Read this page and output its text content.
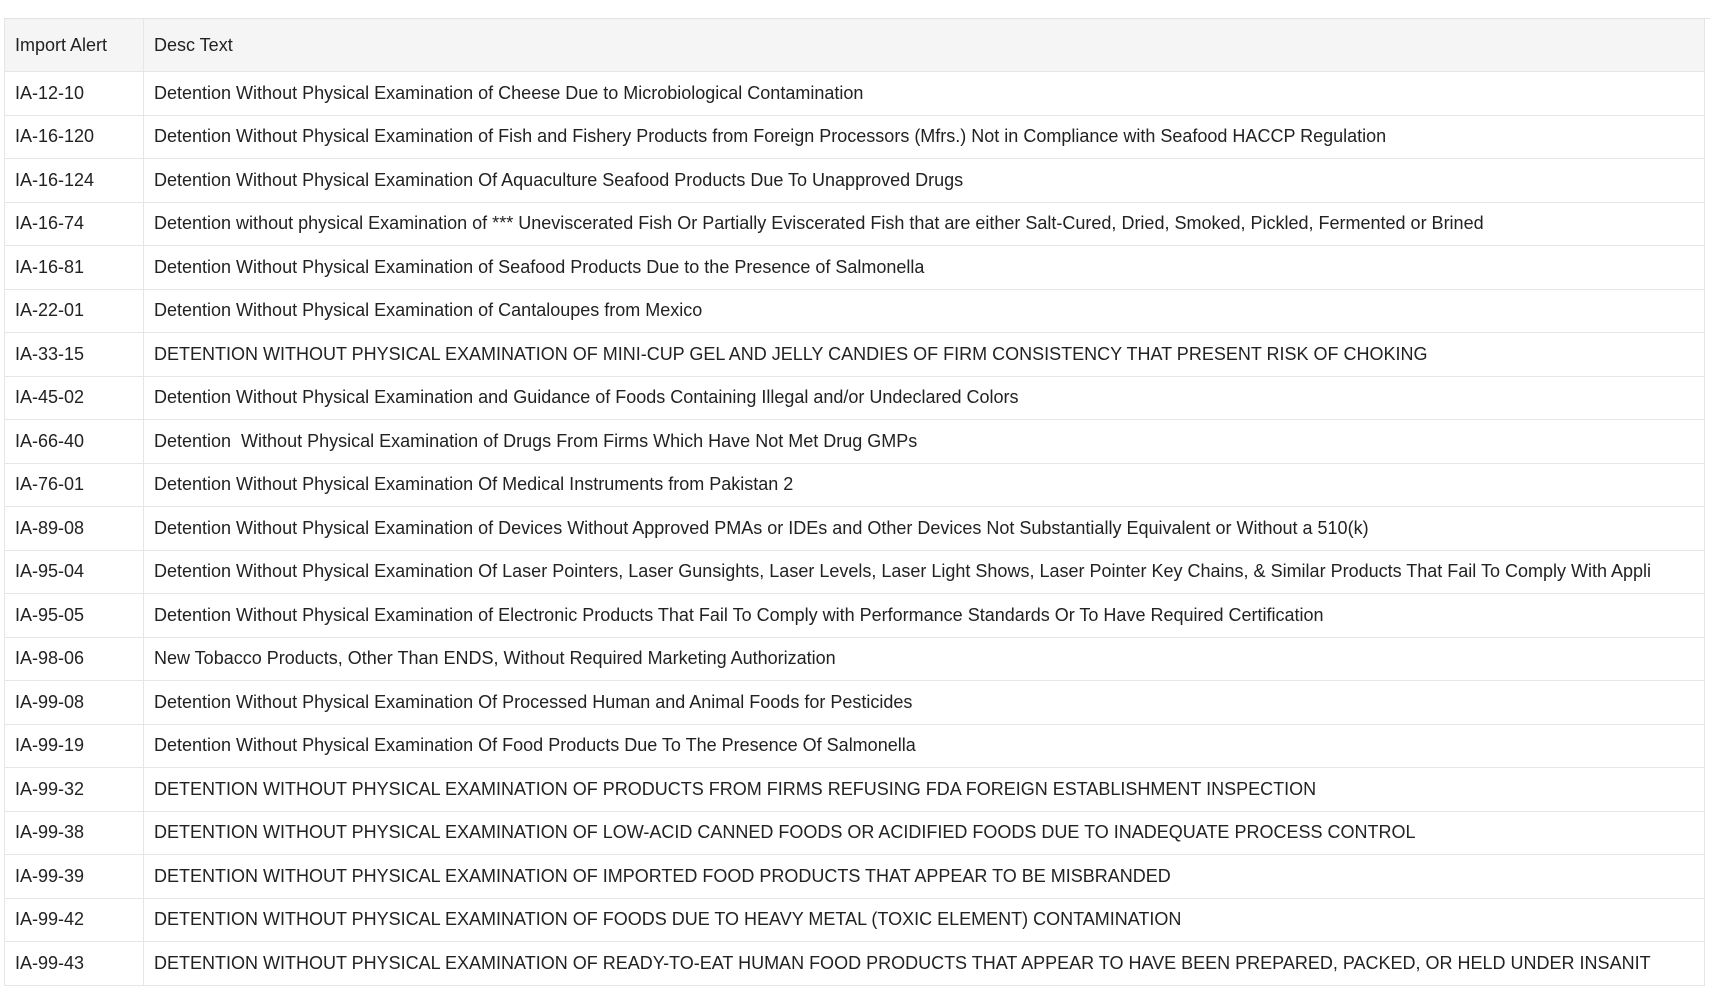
Import Alert	Desc Text
IA-12-10	Detention Without Physical Examination of Cheese Due to Microbiological Contamination
IA-16-120	Detention Without Physical Examination of Fish and Fishery Products from Foreign Processors (Mfrs.) Not in Compliance with Seafood HACCP Regulation
IA-16-124	Detention Without Physical Examination Of Aquaculture Seafood Products Due To Unapproved Drugs
IA-16-74	Detention without physical Examination of *** Uneviscerated Fish Or Partially Eviscerated Fish that are either Salt-Cured, Dried, Smoked, Pickled, Fermented or Brined
IA-16-81	Detention Without Physical Examination of Seafood Products Due to the Presence of Salmonella
IA-22-01	Detention Without Physical Examination of Cantaloupes from Mexico
IA-33-15	DETENTION WITHOUT PHYSICAL EXAMINATION OF MINI-CUP GEL AND JELLY CANDIES OF FIRM CONSISTENCY THAT PRESENT RISK OF CHOKING
IA-45-02	Detention Without Physical Examination and Guidance of Foods Containing Illegal and/or Undeclared Colors
IA-66-40	Detention  Without Physical Examination of Drugs From Firms Which Have Not Met Drug GMPs
IA-76-01	Detention Without Physical Examination Of Medical Instruments from Pakistan 2
IA-89-08	Detention Without Physical Examination of Devices Without Approved PMAs or IDEs and Other Devices Not Substantially Equivalent or Without a 510(k)
IA-95-04	Detention Without Physical Examination Of Laser Pointers, Laser Gunsights, Laser Levels, Laser Light Shows, Laser Pointer Key Chains, & Similar Products That Fail To Comply With Appli
IA-95-05	Detention Without Physical Examination of Electronic Products That Fail To Comply with Performance Standards Or To Have Required Certification
IA-98-06	New Tobacco Products, Other Than ENDS, Without Required Marketing Authorization
IA-99-08	Detention Without Physical Examination Of Processed Human and Animal Foods for Pesticides
IA-99-19	Detention Without Physical Examination Of Food Products Due To The Presence Of Salmonella
IA-99-32	DETENTION WITHOUT PHYSICAL EXAMINATION OF PRODUCTS FROM FIRMS REFUSING FDA FOREIGN ESTABLISHMENT INSPECTION
IA-99-38	DETENTION WITHOUT PHYSICAL EXAMINATION OF LOW-ACID CANNED FOODS OR ACIDIFIED FOODS DUE TO INADEQUATE PROCESS CONTROL
IA-99-39	DETENTION WITHOUT PHYSICAL EXAMINATION OF IMPORTED FOOD PRODUCTS THAT APPEAR TO BE MISBRANDED
IA-99-42	DETENTION WITHOUT PHYSICAL EXAMINATION OF FOODS DUE TO HEAVY METAL (TOXIC ELEMENT) CONTAMINATION
IA-99-43	DETENTION WITHOUT PHYSICAL EXAMINATION OF READY-TO-EAT HUMAN FOOD PRODUCTS THAT APPEAR TO HAVE BEEN PREPARED, PACKED, OR HELD UNDER INSANIT
